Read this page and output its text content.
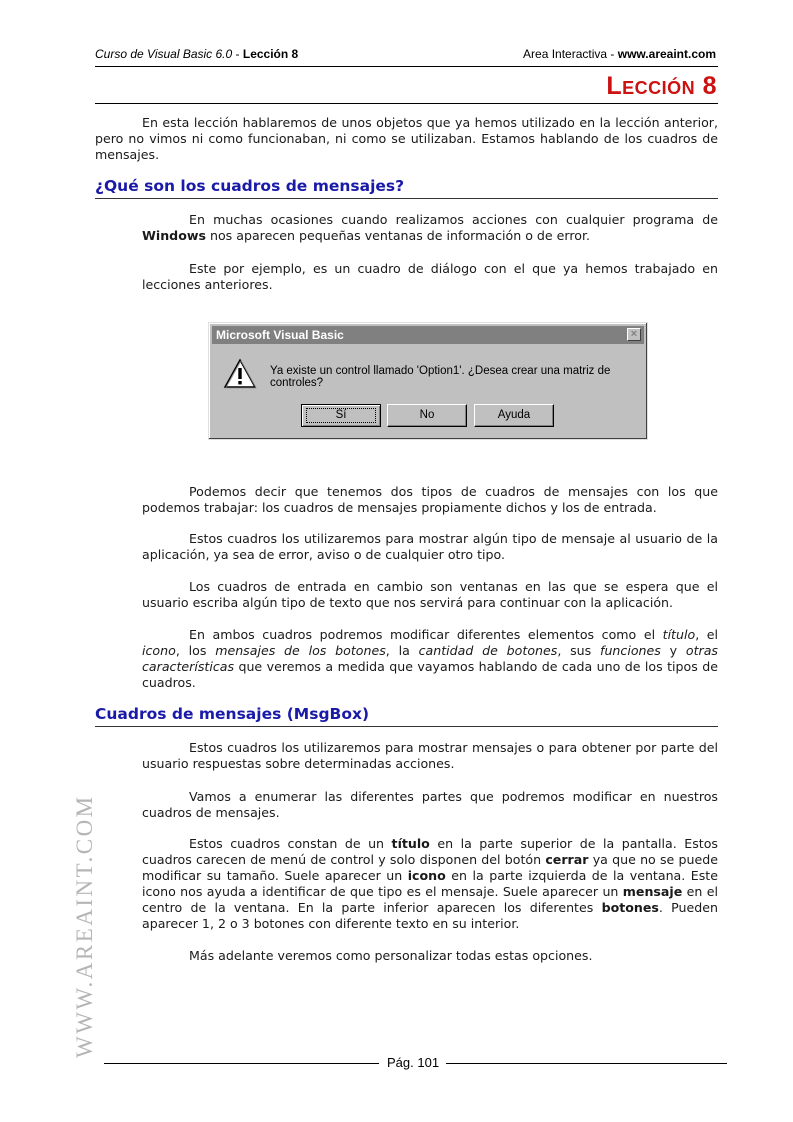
Curso de Visual Basic 6.0 - Lección 8	Area Interactiva - www.areaint.com
Lección 8

En esta lección hablaremos de unos objetos que ya hemos utilizado en la lección anterior, pero no vimos ni como funcionaban, ni como se utilizaban. Estamos hablando de los cuadros de mensajes.

¿Qué son los cuadros de mensajes?

En muchas ocasiones cuando realizamos acciones con cualquier programa de Windows nos aparecen pequeñas ventanas de información o de error.

Este por ejemplo, es un cuadro de diálogo con el que ya hemos trabajado en lecciones anteriores.

Microsoft Visual Basic	×
Ya existe un control llamado 'Option1'. ¿Desea crear una matriz de controles?
Sí	No	Ayuda

Podemos decir que tenemos dos tipos de cuadros de mensajes con los que podemos trabajar: los cuadros de mensajes propiamente dichos y los de entrada.

Estos cuadros los utilizaremos para mostrar algún tipo de mensaje al usuario de la aplicación, ya sea de error, aviso o de cualquier otro tipo.

Los cuadros de entrada en cambio son ventanas en las que se espera que el usuario escriba algún tipo de texto que nos servirá para continuar con la aplicación.

En ambos cuadros podremos modificar diferentes elementos como el título, el icono, los mensajes de los botones, la cantidad de botones, sus funciones y otras características que veremos a medida que vayamos hablando de cada uno de los tipos de cuadros.

Cuadros de mensajes (MsgBox)

Estos cuadros los utilizaremos para mostrar mensajes o para obtener por parte del usuario respuestas sobre determinadas acciones.

Vamos a enumerar las diferentes partes que podremos modificar en nuestros cuadros de mensajes.

Estos cuadros constan de un título en la parte superior de la pantalla. Estos cuadros carecen de menú de control y solo disponen del botón cerrar ya que no se puede modificar su tamaño. Suele aparecer un icono en la parte izquierda de la ventana. Este icono nos ayuda a identificar de que tipo es el mensaje. Suele aparecer un mensaje en el centro de la ventana. En la parte inferior aparecen los diferentes botones. Pueden aparecer 1, 2 o 3 botones con diferente texto en su interior.

Más adelante veremos como personalizar todas estas opciones.

WWW.AREAINT.COM
Pág. 101
